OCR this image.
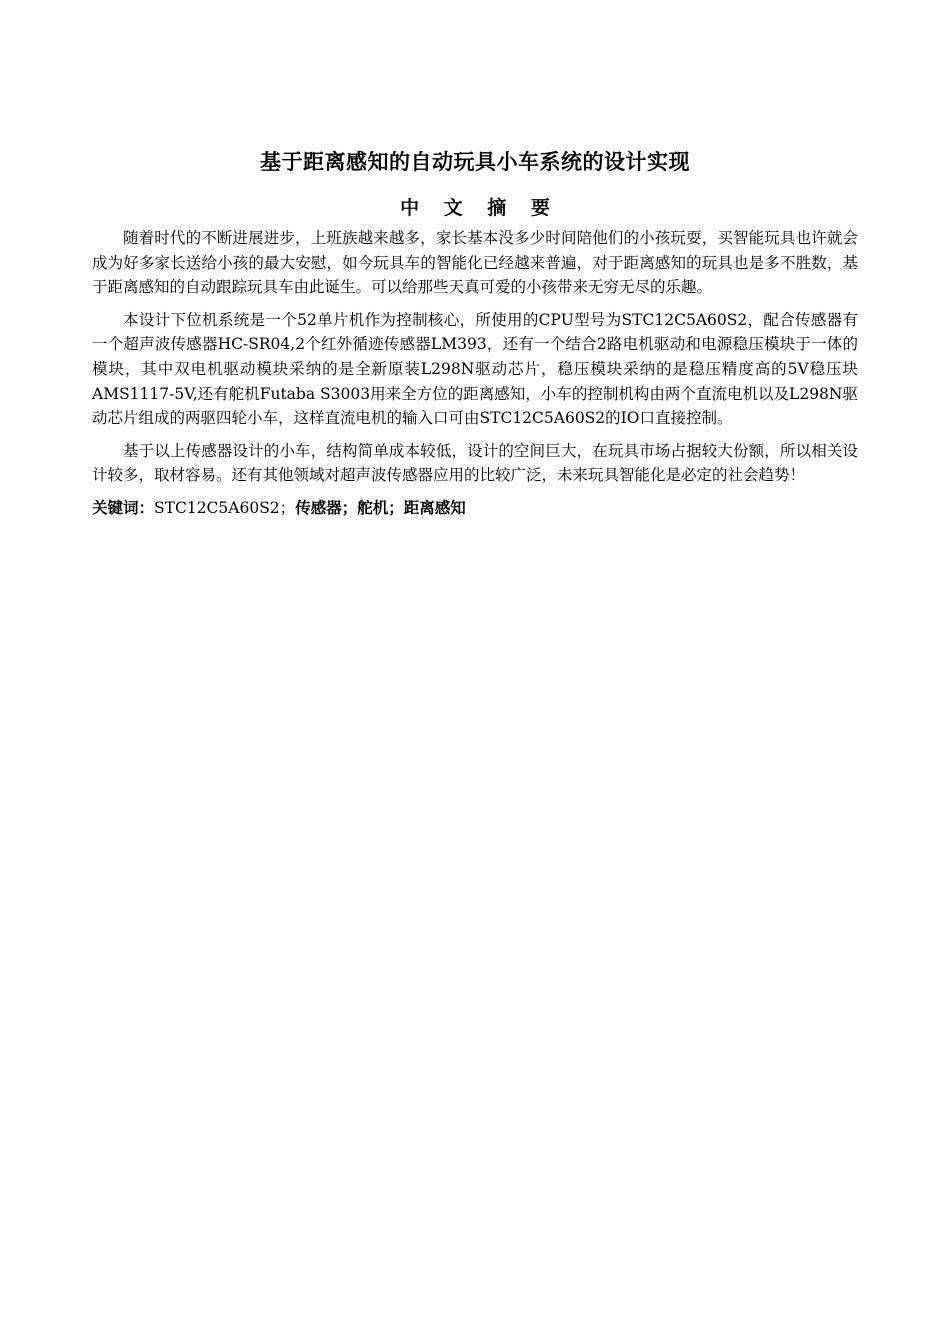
基于距离感知的自动玩具小车系统的设计实现
中 文 摘 要

随着时代的不断进展进步，上班族越来越多，家长基本没多少时间陪他们的小孩玩耍，买智能玩具也许就会成为好多家长送给小孩的最大安慰，如今玩具车的智能化已经越来普遍，对于距离感知的玩具也是多不胜数，基于距离感知的自动跟踪玩具车由此诞生。可以给那些天真可爱的小孩带来无穷无尽的乐趣。

本设计下位机系统是一个52单片机作为控制核心，所使用的CPU型号为STC12C5A60S2，配合传感器有一个超声波传感器HC-SR04,2个红外循迹传感器LM393，还有一个结合2路电机驱动和电源稳压模块于一体的模块，其中双电机驱动模块采纳的是全新原装L298N驱动芯片，稳压模块采纳的是稳压精度高的5V稳压块AMS1117-5V,还有舵机Futaba S3003用来全方位的距离感知，小车的控制机构由两个直流电机以及L298N驱动芯片组成的两驱四轮小车，这样直流电机的输入口可由STC12C5A60S2的IO口直接控制。

基于以上传感器设计的小车，结构简单成本较低，设计的空间巨大，在玩具市场占据较大份额，所以相关设计较多，取材容易。还有其他领域对超声波传感器应用的比较广泛，未来玩具智能化是必定的社会趋势！

关键词：STC12C5A60S2；传感器；舵机；距离感知
